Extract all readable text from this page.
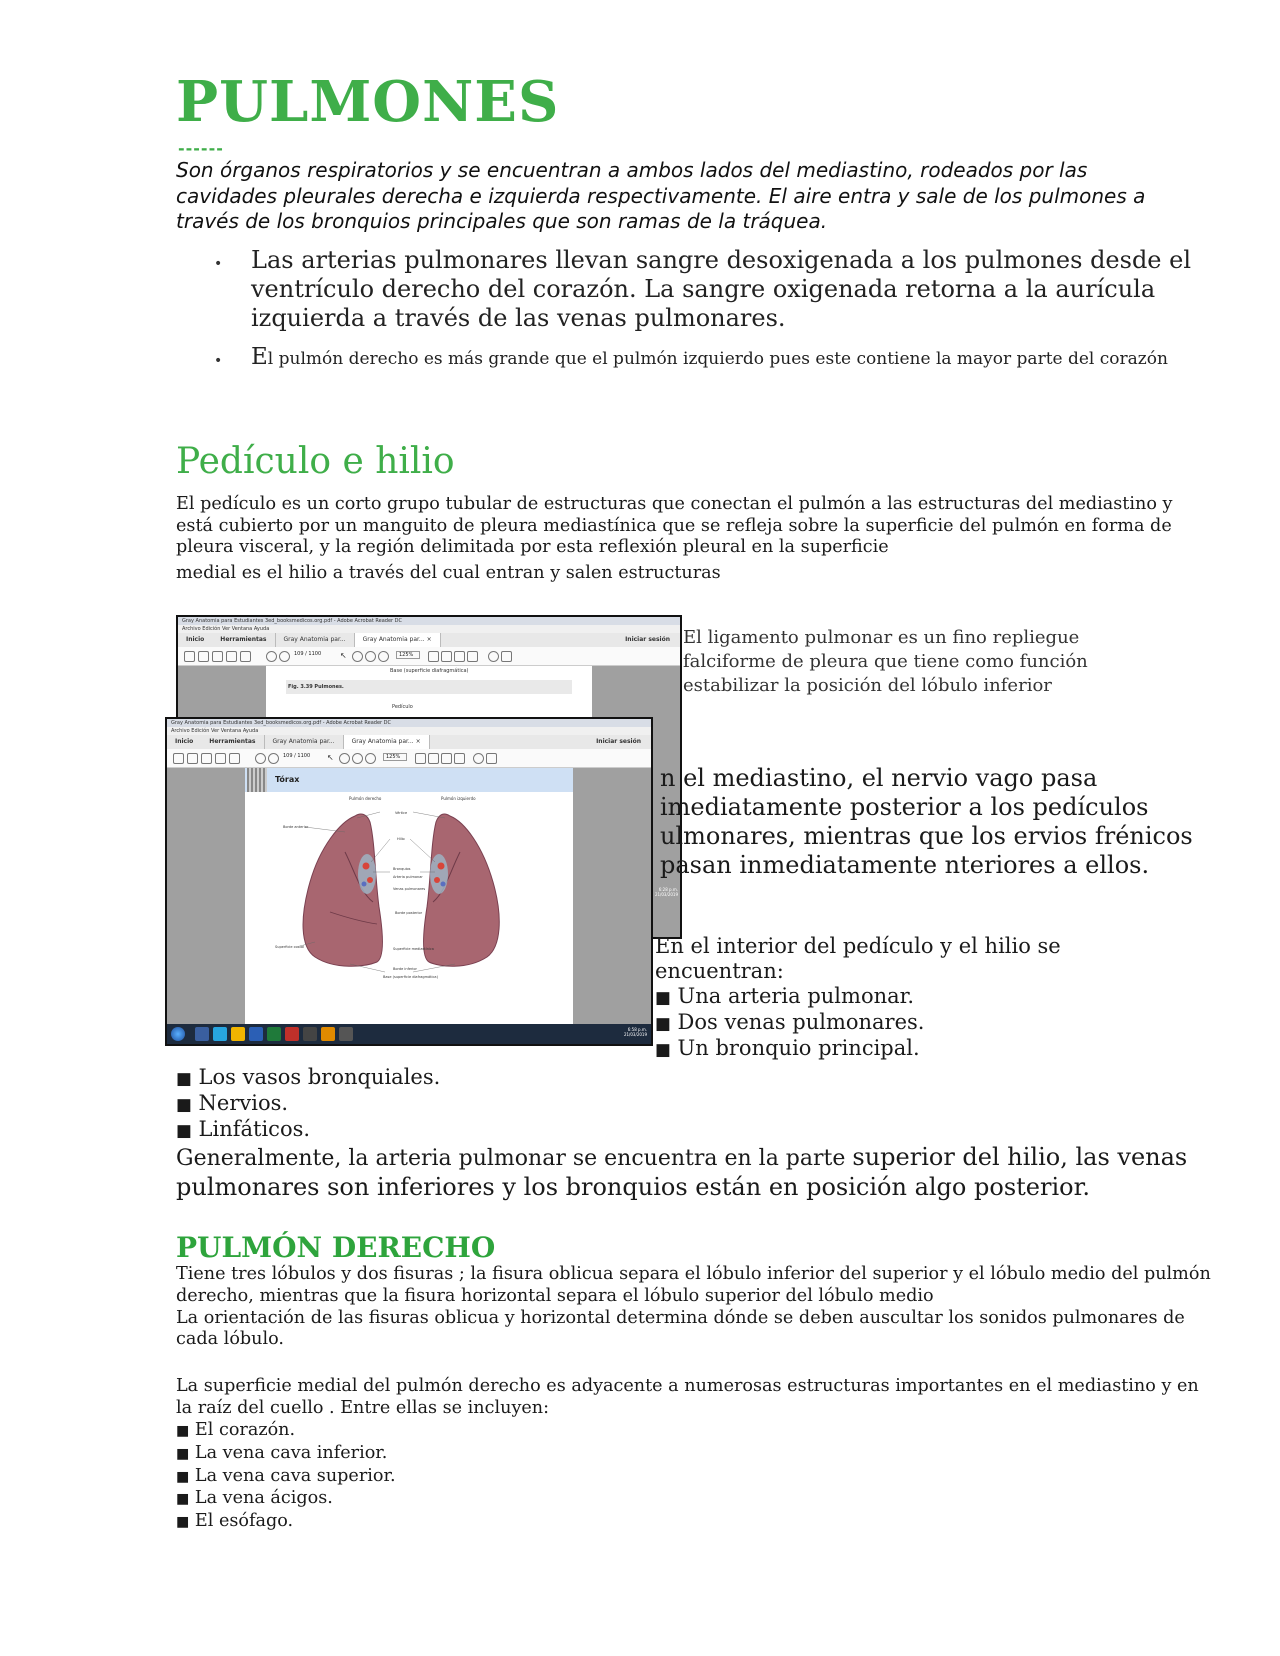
PULMONES
------
Son órganos respiratorios y se encuentran a ambos lados del mediastino, rodeados por las cavidades pleurales derecha e izquierda respectivamente. El aire entra y sale de los pulmones a través de los bronquios principales que son ramas de la tráquea.
• Las arterias pulmonares llevan sangre desoxigenada a los pulmones desde el ventrículo derecho del corazón. La sangre oxigenada retorna a la aurícula izquierda a través de las venas pulmonares.
• El pulmón derecho es más grande que el pulmón izquierdo pues este contiene la mayor parte del corazón
Pedículo e hilio
El pedículo es un corto grupo tubular de estructuras que conectan el pulmón a las estructuras del mediastino y está cubierto por un manguito de pleura mediastínica que se refleja sobre la superficie del pulmón en forma de pleura visceral, y la región delimitada por esta reflexión pleural en la superficie
medial es el hilio a través del cual entran y salen estructuras
Gray Anatomia para Estudiantes 3ed_booksmedicos.org.pdf - Adobe Acrobat Reader DC
Archivo Edición Ver Ventana Ayuda
Inicio	Herramientas	Gray Anatomia par...	Gray Anatomia par... ×	Iniciar sesión
109 / 1100 ↖	125%
Base (superficie diafragmática)
Fig. 3.39 Pulmones.
Pedículo
6:28 p.m.
21/03/2019
Gray Anatomia para Estudiantes 3ed_booksmedicos.org.pdf - Adobe Acrobat Reader DC
Archivo Edición Ver Ventana Ayuda
Inicio	Herramientas	Gray Anatomia par...	Gray Anatomia par... ×	Iniciar sesión
109 / 1100 ↖	125%
Tórax
Pulmón derecho	Pulmón izquierdo
Vértice
Hilio
Bronquios
Arteria pulmonar
Venas pulmonares
Borde posterior
Superficie mediastínica
Borde inferior
Base (superficie diafragmática)
Borde anterior
Superficie costal
6:58 p.m.
21/03/2019
El ligamento pulmonar es un fino repliegue falciforme de pleura que tiene como función estabilizar la posición del lóbulo inferior
n el mediastino, el nervio vago pasa imediatamente posterior a los pedículos ulmonares, mientras que los ervios frénicos pasan inmediatamente nteriores a ellos.
En el interior del pedículo y el hilio se encuentran:
■ Una arteria pulmonar.
■ Dos venas pulmonares.
■ Un bronquio principal.
■ Los vasos bronquiales.
■ Nervios.
■ Linfáticos.
Generalmente, la arteria pulmonar se encuentra en la parte superior del hilio, las venas pulmonares son inferiores y los bronquios están en posición algo posterior.
PULMÓN DERECHO
Tiene tres lóbulos y dos fisuras ; la fisura oblicua separa el lóbulo inferior del superior y el lóbulo medio del pulmón derecho, mientras que la fisura horizontal separa el lóbulo superior del lóbulo medio
La orientación de las fisuras oblicua y horizontal determina dónde se deben auscultar los sonidos pulmonares de cada lóbulo.
La superficie medial del pulmón derecho es adyacente a numerosas estructuras importantes en el mediastino y en la raíz del cuello . Entre ellas se incluyen:
■ El corazón.
■ La vena cava inferior.
■ La vena cava superior.
■ La vena ácigos.
■ El esófago.
